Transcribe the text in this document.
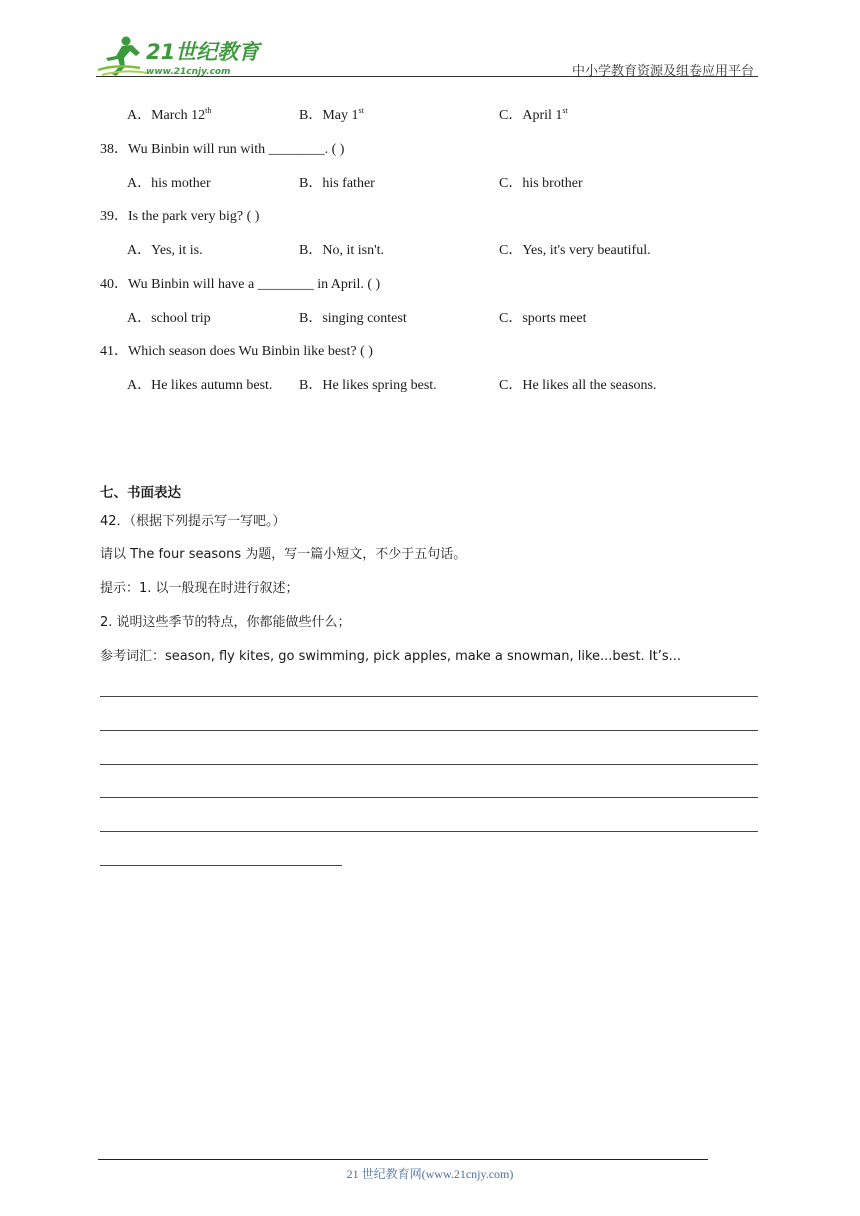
21世纪教育
www.21cnjy.com	中小学教育资源及组卷应用平台
A．March 12th	B．May 1st	C．April 1st
38．Wu Binbin will run with ________. ( )
A．his mother	B．his father	C．his brother
39．Is the park very big? ( )
A．Yes, it is.	B．No, it isn't.	C．Yes, it's very beautiful.
40．Wu Binbin will have a ________ in April. ( )
A．school trip	B．singing contest	C．sports meet
41．Which season does Wu Binbin like best? ( )
A．He likes autumn best. B．He likes spring best.	C．He likes all the seasons.
七、书面表达
42．（根据下列提示写一写吧。）
请以 The four seasons 为题，写一篇小短文，不少于五句话。
提示：1. 以一般现在时进行叙述；
2. 说明这些季节的特点，你都能做些什么；
参考词汇：season, fly kites, go swimming, pick apples, make a snowman, like...best. It’s...
21 世纪教育网(www.21cnjy.com)
